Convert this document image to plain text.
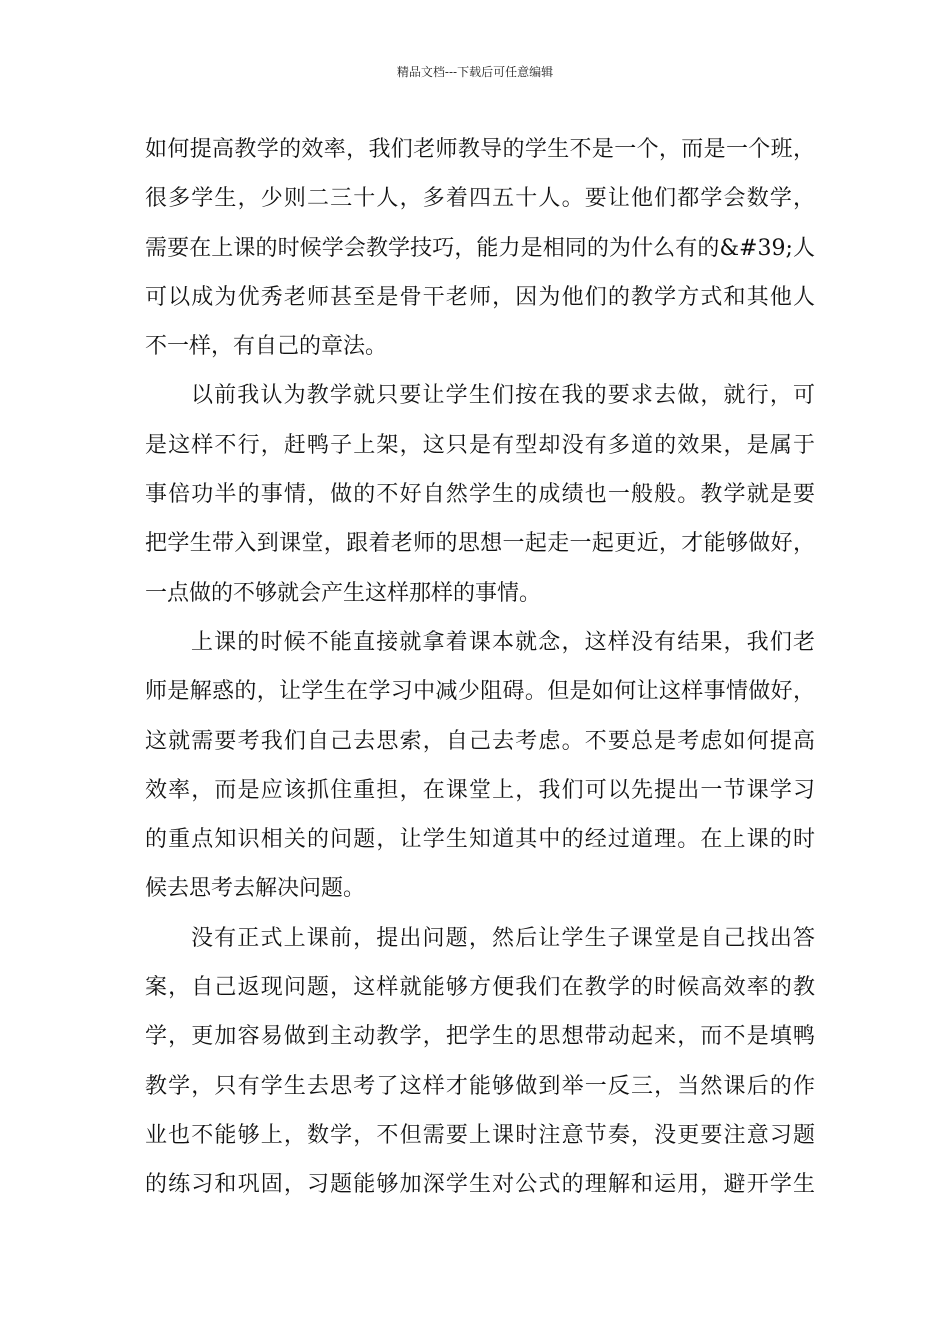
精品文档---下载后可任意编辑
如何提高教学的效率，我们老师教导的学生不是一个，而是一个班，
很多学生，少则二三十人，多着四五十人。要让他们都学会数学，
需要在上课的时候学会教学技巧，能力是相同的为什么有的&#39;人
可以成为优秀老师甚至是骨干老师，因为他们的教学方式和其他人
不一样，有自己的章法。
以前我认为教学就只要让学生们按在我的要求去做，就行，可
是这样不行，赶鸭子上架，这只是有型却没有多道的效果，是属于
事倍功半的事情，做的不好自然学生的成绩也一般般。教学就是要
把学生带入到课堂，跟着老师的思想一起走一起更近，才能够做好，
一点做的不够就会产生这样那样的事情。
上课的时候不能直接就拿着课本就念，这样没有结果，我们老
师是解惑的，让学生在学习中减少阻碍。但是如何让这样事情做好，
这就需要考我们自己去思索，自己去考虑。不要总是考虑如何提高
效率，而是应该抓住重担，在课堂上，我们可以先提出一节课学习
的重点知识相关的问题，让学生知道其中的经过道理。在上课的时
候去思考去解决问题。
没有正式上课前，提出问题，然后让学生子课堂是自己找出答
案，自己返现问题，这样就能够方便我们在教学的时候高效率的教
学，更加容易做到主动教学，把学生的思想带动起来，而不是填鸭
教学，只有学生去思考了这样才能够做到举一反三，当然课后的作
业也不能够上，数学，不但需要上课时注意节奏，没更要注意习题
的练习和巩固，习题能够加深学生对公式的理解和运用，避开学生
